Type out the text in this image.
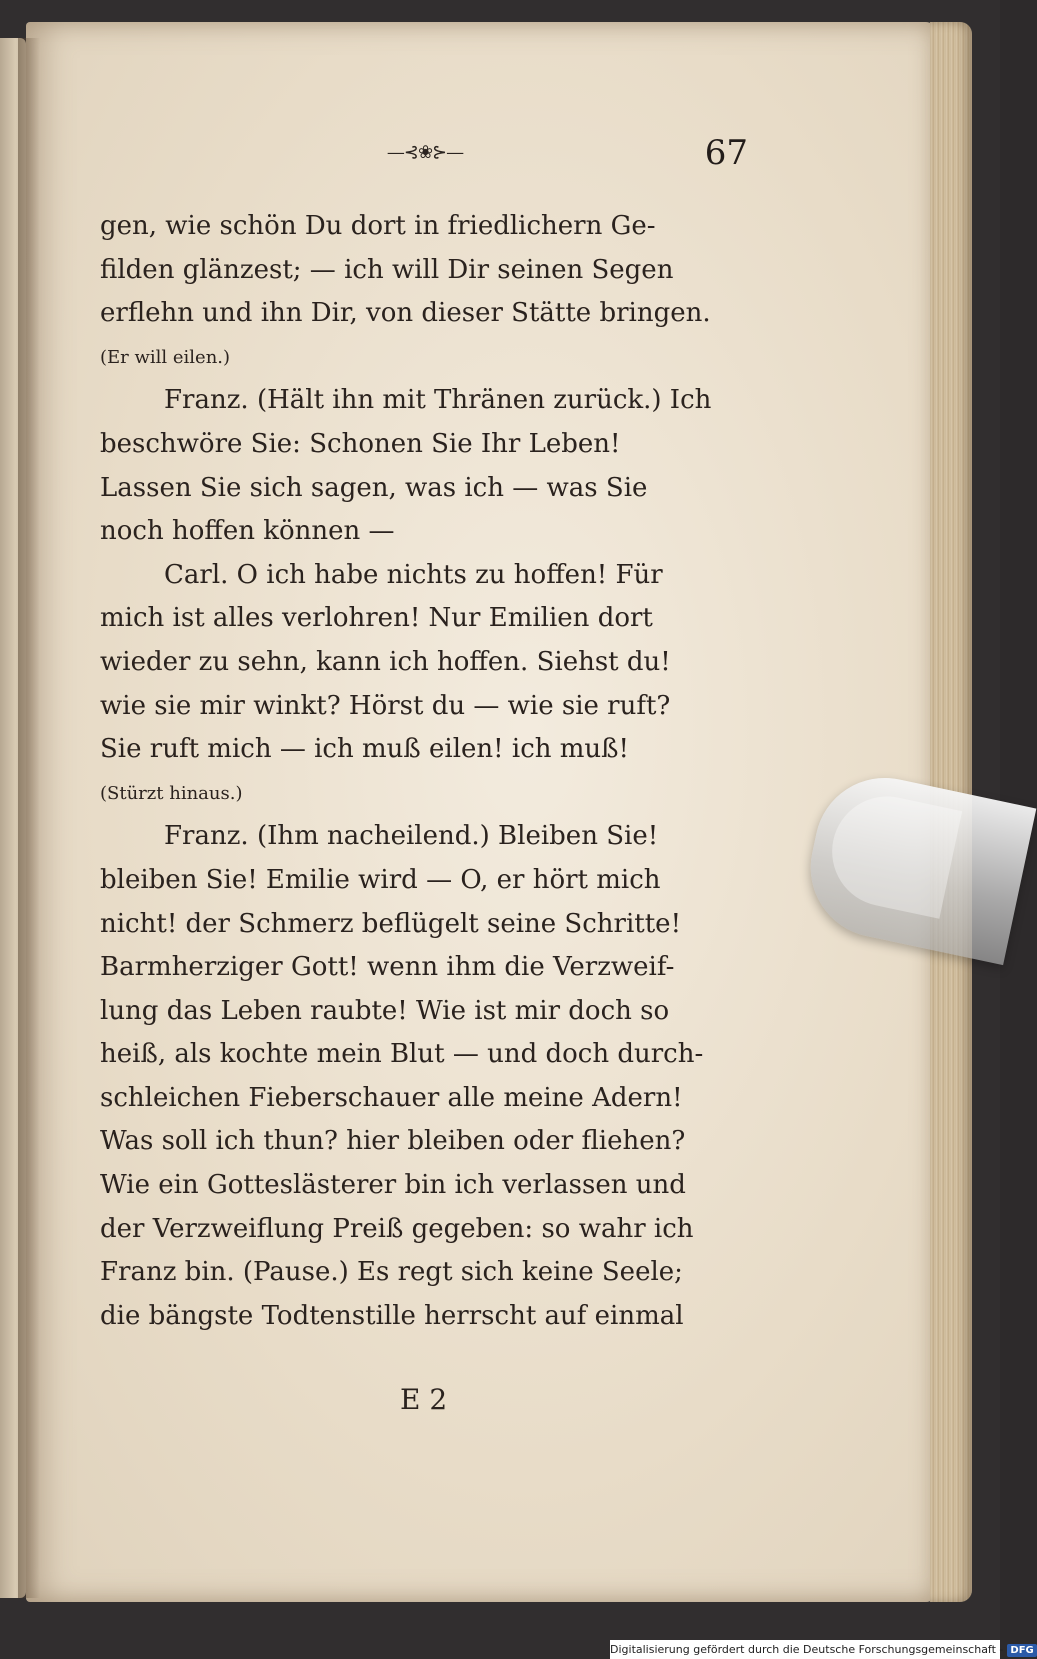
—⊰❀⊱—	67
gen, wie schön Du dort in friedlichern Ge-
filden glänzest; — ich will Dir seinen Segen
erflehn und ihn Dir, von dieser Stätte bringen.
(Er will eilen.)
Franz. (Hält ihn mit Thränen zurück.) Ich
beschwöre Sie: Schonen Sie Ihr Leben!
Lassen Sie sich sagen, was ich — was Sie
noch hoffen können —
Carl. O ich habe nichts zu hoffen! Für
mich ist alles verlohren! Nur Emilien dort
wieder zu sehn, kann ich hoffen. Siehst du!
wie sie mir winkt? Hörst du — wie sie ruft?
Sie ruft mich — ich muß eilen! ich muß!
(Stürzt hinaus.)
Franz. (Ihm nacheilend.) Bleiben Sie!
bleiben Sie! Emilie wird — O, er hört mich
nicht! der Schmerz beflügelt seine Schritte!
Barmherziger Gott! wenn ihm die Verzweif-
lung das Leben raubte! Wie ist mir doch so
heiß, als kochte mein Blut — und doch durch-
schleichen Fieberschauer alle meine Adern!
Was soll ich thun? hier bleiben oder fliehen?
Wie ein Gotteslästerer bin ich verlassen und
der Verzweiflung Preiß gegeben: so wahr ich
Franz bin. (Pause.) Es regt sich keine Seele;
die bängste Todtenstille herrscht auf einmal
E 2
Digitalisierung gefördert durch die Deutsche Forschungsgemeinschaft - DFG
